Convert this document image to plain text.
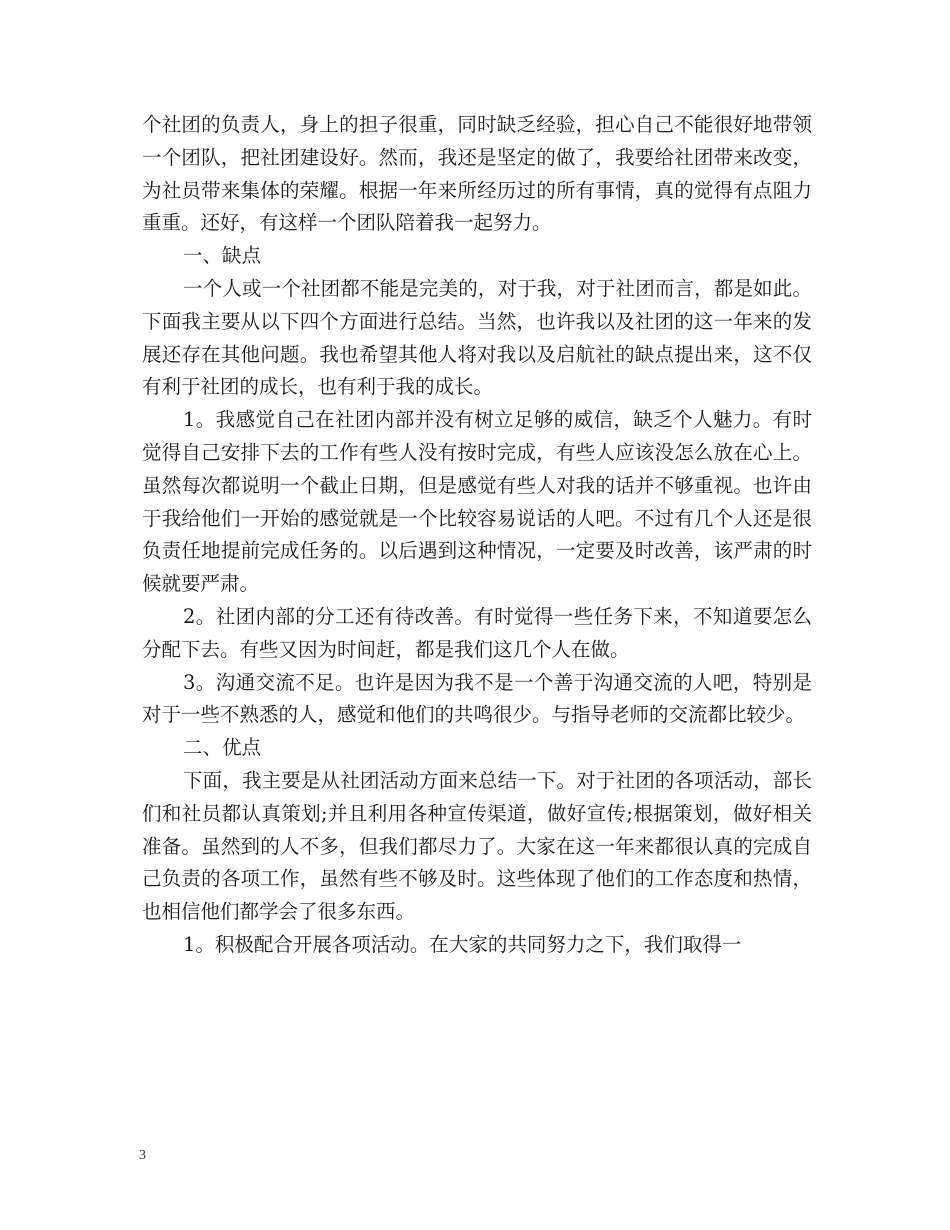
个社团的负责人，身上的担子很重，同时缺乏经验，担心自己不能很好地带领一个团队，把社团建设好。然而，我还是坚定的做了，我要给社团带来改变，为社员带来集体的荣耀。根据一年来所经历过的所有事情，真的觉得有点阻力重重。还好，有这样一个团队陪着我一起努力。

一、缺点

一个人或一个社团都不能是完美的，对于我，对于社团而言，都是如此。下面我主要从以下四个方面进行总结。当然，也许我以及社团的这一年来的发展还存在其他问题。我也希望其他人将对我以及启航社的缺点提出来，这不仅有利于社团的成长，也有利于我的成长。

1。我感觉自己在社团内部并没有树立足够的威信，缺乏个人魅力。有时觉得自己安排下去的工作有些人没有按时完成，有些人应该没怎么放在心上。虽然每次都说明一个截止日期，但是感觉有些人对我的话并不够重视。也许由于我给他们一开始的感觉就是一个比较容易说话的人吧。不过有几个人还是很负责任地提前完成任务的。以后遇到这种情况，一定要及时改善，该严肃的时候就要严肃。

2。社团内部的分工还有待改善。有时觉得一些任务下来，不知道要怎么分配下去。有些又因为时间赶，都是我们这几个人在做。

3。沟通交流不足。也许是因为我不是一个善于沟通交流的人吧，特别是对于一些不熟悉的人，感觉和他们的共鸣很少。与指导老师的交流都比较少。

二、优点

下面，我主要是从社团活动方面来总结一下。对于社团的各项活动，部长们和社员都认真策划;并且利用各种宣传渠道，做好宣传;根据策划，做好相关准备。虽然到的人不多，但我们都尽力了。大家在这一年来都很认真的完成自己负责的各项工作，虽然有些不够及时。这些体现了他们的工作态度和热情，也相信他们都学会了很多东西。

1。积极配合开展各项活动。在大家的共同努力之下，我们取得一

3
